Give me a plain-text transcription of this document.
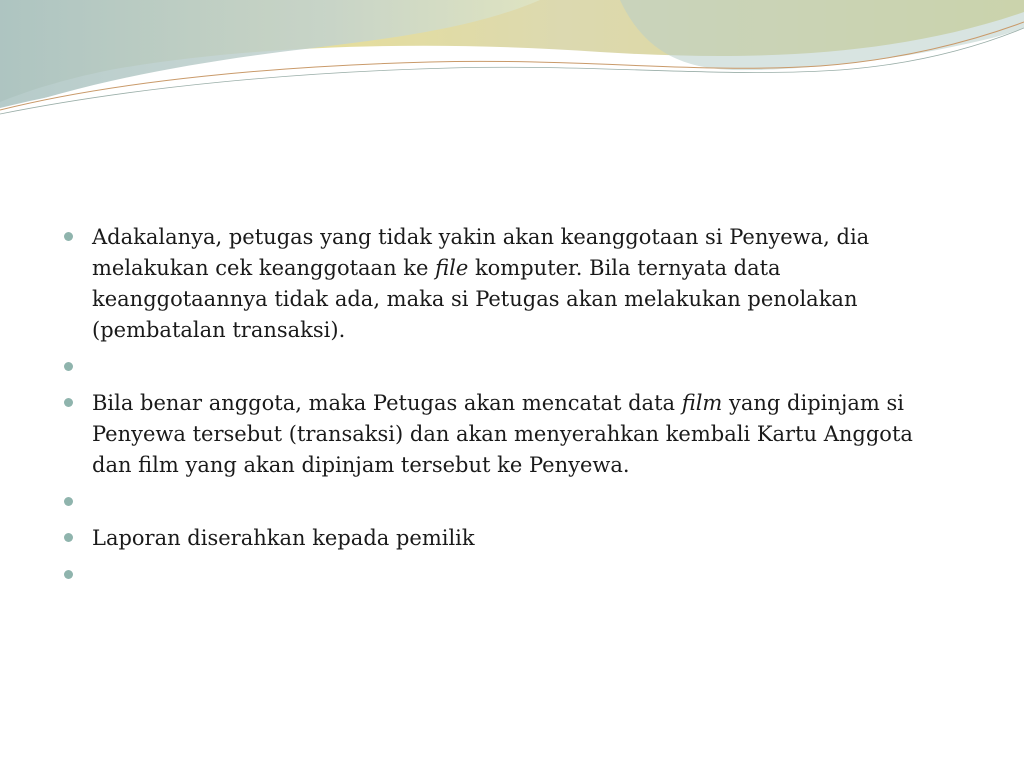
Adakalanya, petugas yang tidak yakin akan keanggotaan si Penyewa, dia melakukan cek keanggotaan ke file komputer. Bila ternyata data keanggotaannya tidak ada, maka si Petugas akan melakukan penolakan (pembatalan transaksi).
Bila benar anggota, maka Petugas akan mencatat data film yang dipinjam si Penyewa tersebut (transaksi) dan akan menyerahkan kembali Kartu Anggota dan film yang akan dipinjam tersebut ke Penyewa.
Laporan diserahkan kepada pemilik
